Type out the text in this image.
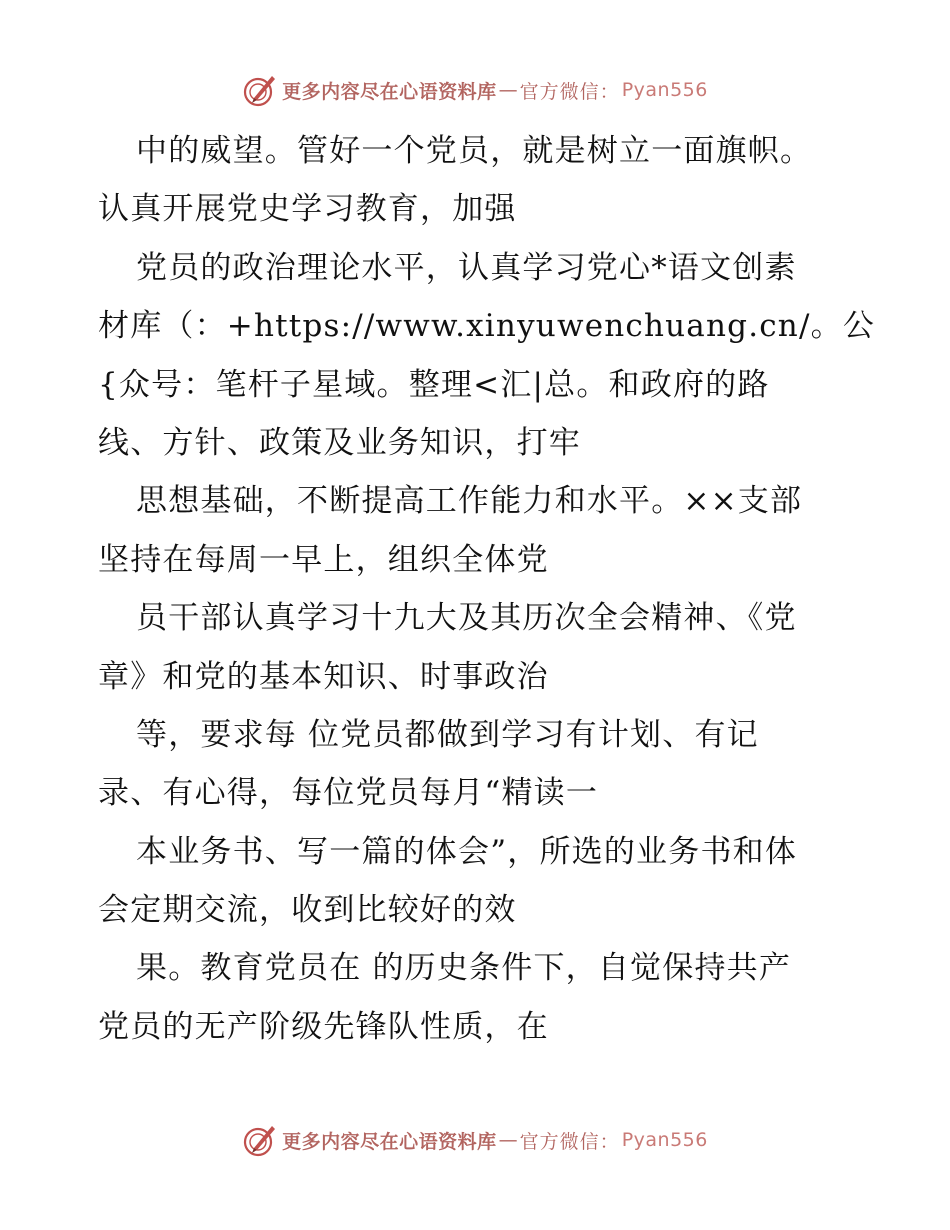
更多内容尽在心语资料库 — 官方微信： Pyan556
中的威望。管好一个党员，就是树立一面旗帜。
认真开展党史学习教育，加强
党员的政治理论水平，认真学习党心*语文创素
材库（：+https://www.xinyuwenchuang.cn/。公
{众号：笔杆子星域。整理<汇|总。和政府的路
线、方针、政策及业务知识，打牢
思想基础，不断提高工作能力和水平。××支部
坚持在每周一早上，组织全体党
员干部认真学习十九大及其历次全会精神、《党
章》和党的基本知识、时事政治
等，要求每 位党员都做到学习有计划、有记
录、有心得，每位党员每月“精读一
本业务书、写一篇的体会”，所选的业务书和体
会定期交流，收到比较好的效
果。教育党员在 的历史条件下，自觉保持共产
党员的无产阶级先锋队性质，在
更多内容尽在心语资料库 — 官方微信： Pyan556
